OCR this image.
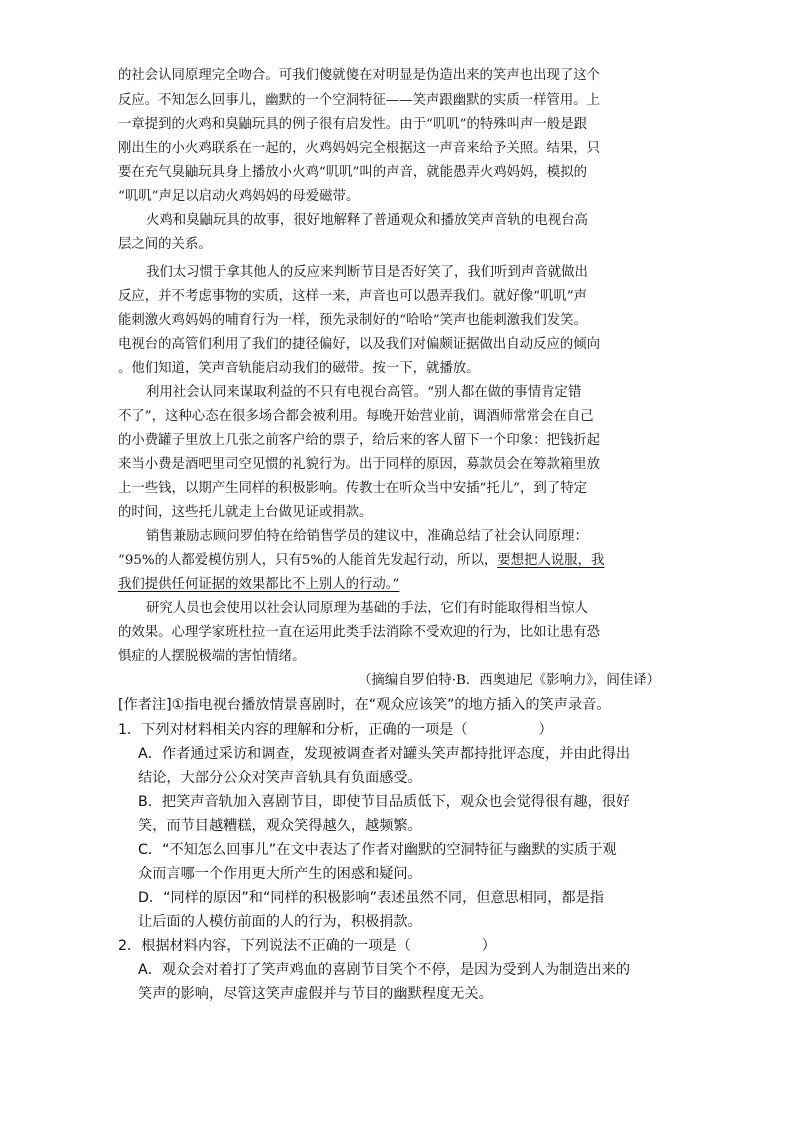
的社会认同原理完全吻合。可我们傻就傻在对明显是伪造出来的笑声也出现了这个
反应。不知怎么回事儿，幽默的一个空洞特征——笑声跟幽默的实质一样管用。上
一章提到的火鸡和臭鼬玩具的例子很有启发性。由于“叽叽”的特殊叫声一般是跟
刚出生的小火鸡联系在一起的，火鸡妈妈完全根据这一声音来给予关照。结果，只
要在充气臭鼬玩具身上播放小火鸡“叽叽”叫的声音，就能愚弄火鸡妈妈，模拟的
“叽叽”声足以启动火鸡妈妈的母爱磁带。
火鸡和臭鼬玩具的故事，很好地解释了普通观众和播放笑声音轨的电视台高
层之间的关系。
我们太习惯于拿其他人的反应来判断节目是否好笑了，我们听到声音就做出
反应，并不考虑事物的实质，这样一来，声音也可以愚弄我们。就好像“叽叽”声
能刺激火鸡妈妈的哺育行为一样，预先录制好的“哈哈”笑声也能刺激我们发笑。
电视台的高管们利用了我们的捷径偏好，以及我们对偏颇证据做出自动反应的倾向
。他们知道，笑声音轨能启动我们的磁带。按一下，就播放。
利用社会认同来谋取利益的不只有电视台高管。“别人都在做的事情肯定错
不了”，这种心态在很多场合都会被利用。每晚开始营业前，调酒师常常会在自己
的小费罐子里放上几张之前客户给的票子，给后来的客人留下一个印象：把钱折起
来当小费是酒吧里司空见惯的礼貌行为。出于同样的原因，募款员会在筹款箱里放
上一些钱，以期产生同样的积极影响。传教士在听众当中安插“托儿”，到了特定
的时间，这些托儿就走上台做见证或捐款。
销售兼励志顾问罗伯特在给销售学员的建议中，准确总结了社会认同原理：
“95%的人都爱模仿别人，只有5%的人能首先发起行动，所以，要想把人说服，我
我们提供任何证据的效果都比不上别人的行动。”
研究人员也会使用以社会认同原理为基础的手法，它们有时能取得相当惊人
的效果。心理学家班杜拉一直在运用此类手法消除不受欢迎的行为，比如让患有恐
惧症的人摆脱极端的害怕情绪。
（摘编自罗伯特·B．西奥迪尼《影响力》，闾佳译）
[作者注]①指电视台播放情景喜剧时，在“观众应该笑”的地方插入的笑声录音。
1．下列对材料相关内容的理解和分析，正确的一项是（　　　　　）
A．作者通过采访和调查，发现被调查者对罐头笑声都持批评态度，并由此得出
结论，大部分公众对笑声音轨具有负面感受。
B．把笑声音轨加入喜剧节目，即使节目品质低下，观众也会觉得很有趣，很好
笑，而节目越糟糕，观众笑得越久，越频繁。
C．“不知怎么回事儿”在文中表达了作者对幽默的空洞特征与幽默的实质于观
众而言哪一个作用更大所产生的困惑和疑问。
D．“同样的原因”和“同样的积极影响”表述虽然不同，但意思相同，都是指
让后面的人模仿前面的人的行为，积极捐款。
2．根据材料内容，下列说法不正确的一项是（　　　　　）
A．观众会对着打了笑声鸡血的喜剧节目笑个不停，是因为受到人为制造出来的
笑声的影响，尽管这笑声虚假并与节目的幽默程度无关。
